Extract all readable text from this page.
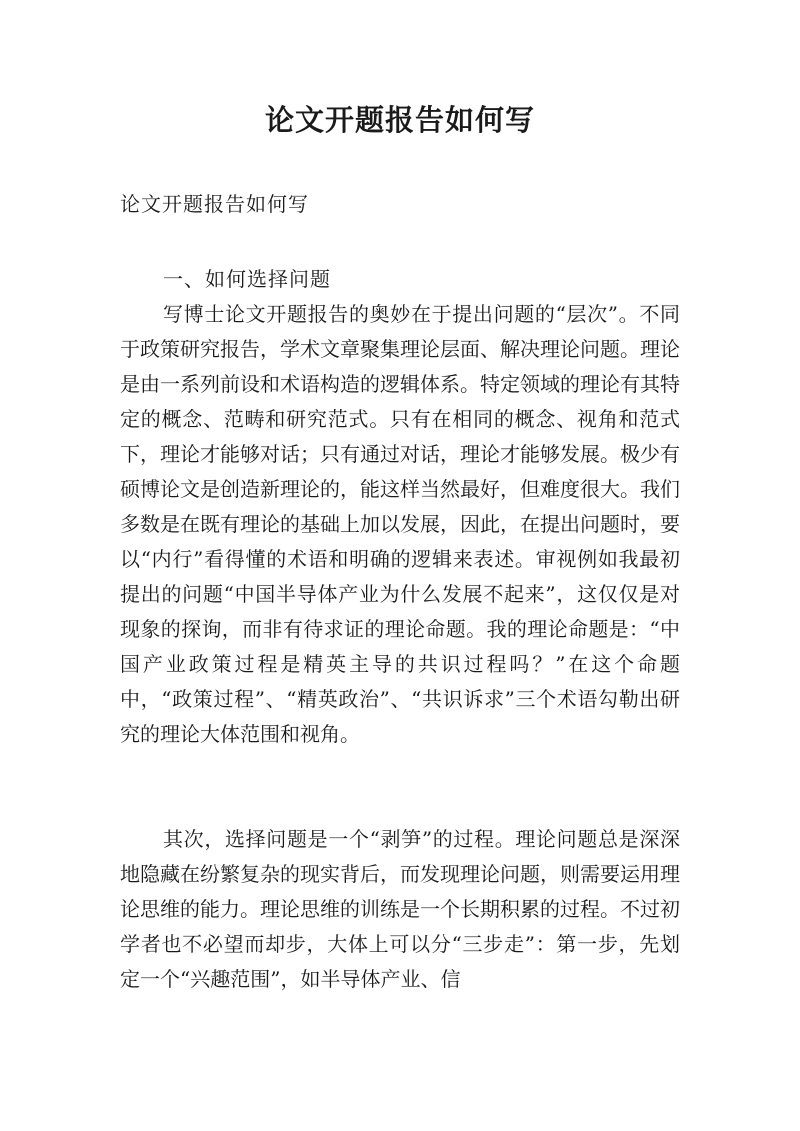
论文开题报告如何写

论文开题报告如何写

一、如何选择问题

写博士论文开题报告的奥妙在于提出问题的“层次”。不同于政策研究报告，学术文章聚集理论层面、解决理论问题。理论是由一系列前设和术语构造的逻辑体系。特定领域的理论有其特定的概念、范畴和研究范式。只有在相同的概念、视角和范式下，理论才能够对话；只有通过对话，理论才能够发展。极少有硕博论文是创造新理论的，能这样当然最好，但难度很大。我们多数是在既有理论的基础上加以发展，因此，在提出问题时，要以“内行”看得懂的术语和明确的逻辑来表述。审视例如我最初提出的问题“中国半导体产业为什么发展不起来”，这仅仅是对现象的探询，而非有待求证的理论命题。我的理论命题是：“中国产业政策过程是精英主导的共识过程吗？”在这个命题中，“政策过程”、“精英政治”、“共识诉求”三个术语勾勒出研究的理论大体范围和视角。

其次，选择问题是一个“剥笋”的过程。理论问题总是深深地隐藏在纷繁复杂的现实背后，而发现理论问题，则需要运用理论思维的能力。理论思维的训练是一个长期积累的过程。不过初学者也不必望而却步，大体上可以分“三步走”：第一步，先划定一个“兴趣范围”，如半导体产业、信
